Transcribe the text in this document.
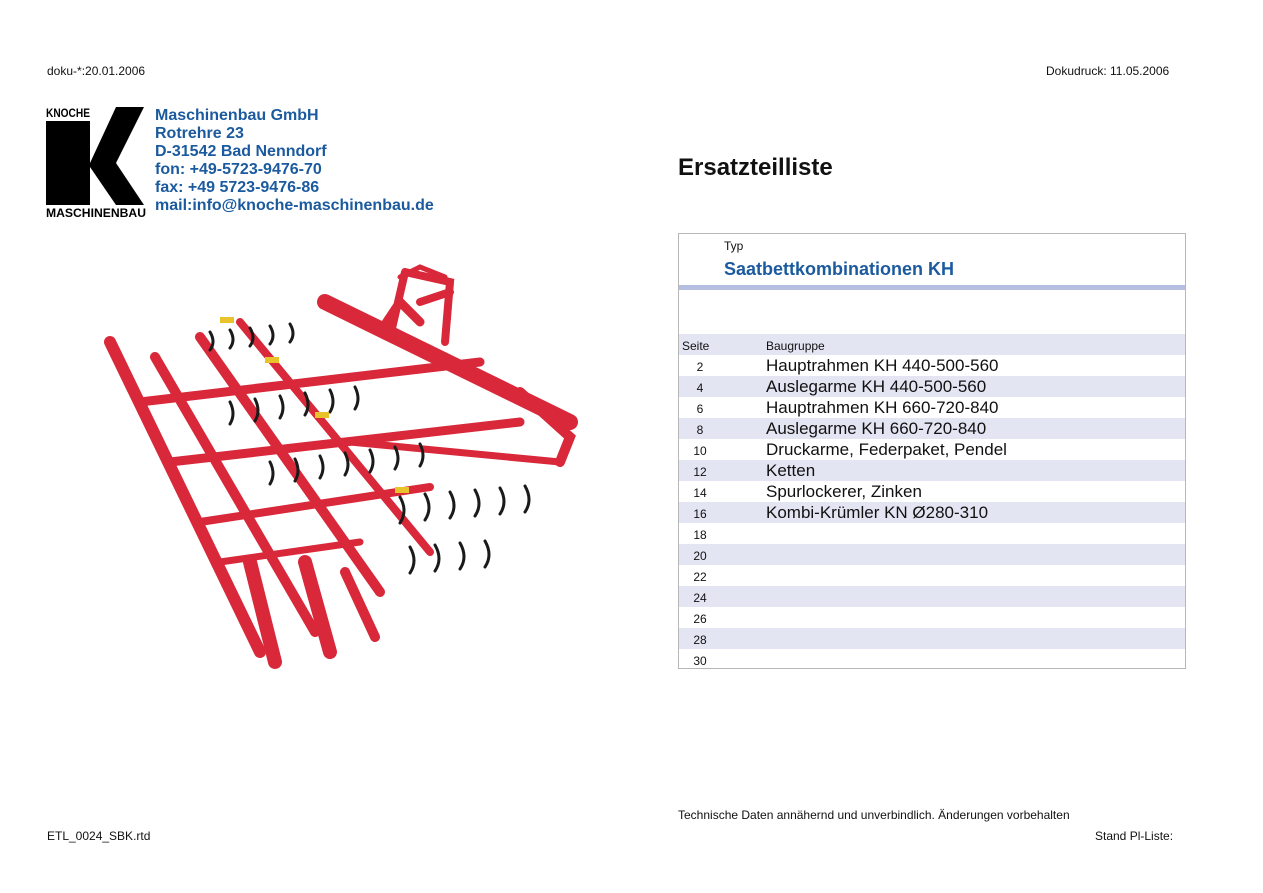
doku-*:20.01.2006	Dokudruck: 11.05.2006
KNOCHE
MASCHINENBAU
Maschinenbau GmbH
Rotrehre 23
D-31542 Bad Nenndorf
fon: +49-5723-9476-70
fax: +49 5723-9476-86
mail:info@knoche-maschinenbau.de
Ersatzteilliste
Typ
Saatbettkombinationen KH
Seite	Baugruppe
2	Hauptrahmen KH 440-500-560
4	Auslegarme KH 440-500-560
6	Hauptrahmen KH 660-720-840
8	Auslegarme KH 660-720-840
10	Druckarme, Federpaket, Pendel
12	Ketten
14	Spurlockerer, Zinken
16	Kombi-Krümler KN Ø280-310
18
20
22
24
26
28
30
Technische Daten annähernd und unverbindlich. Änderungen vorbehalten
ETL_0024_SBK.rtd	Stand Pl-Liste:
